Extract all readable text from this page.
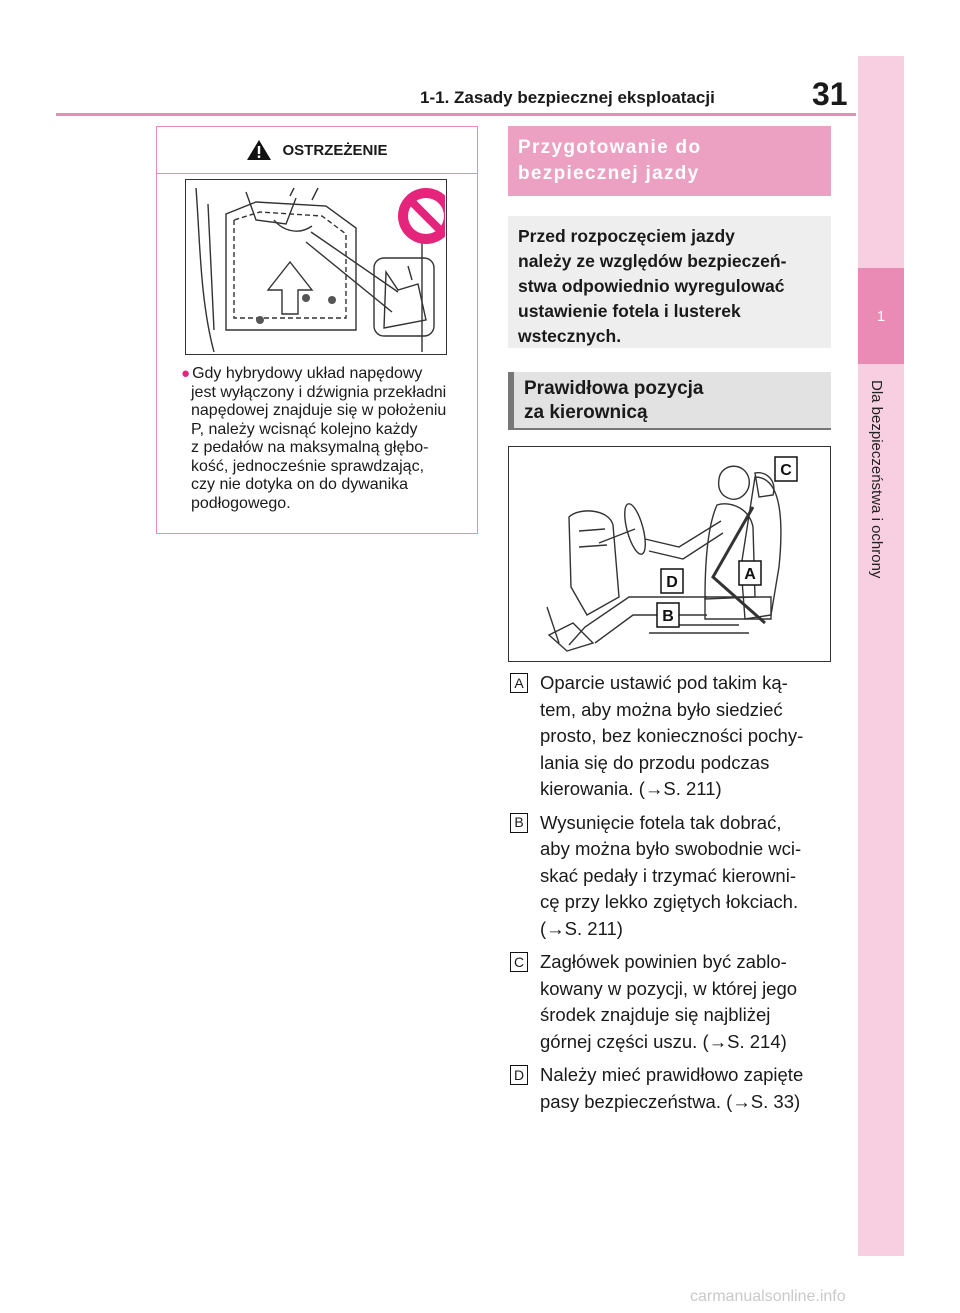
1-1. Zasady bezpiecznej eksploatacji	31
1
Dla bezpieczeństwa i ochrony
OSTRZEŻENIE
● Gdy hybrydowy układ napędowy
jest wyłączony i dźwignia przekładni
napędowej znajduje się w położeniu
P, należy wcisnąć kolejno każdy
z pedałów na maksymalną głębo-
kość, jednocześnie sprawdzając,
czy nie dotyka on do dywanika
podłogowego.
Przygotowanie do
bezpiecznej jazdy
Przed rozpoczęciem jazdy
należy ze względów bezpieczeń-
stwa odpowiednio wyregulować
ustawienie fotela i lusterek
wstecznych.
Prawidłowa pozycja
za kierownicą
C
A
D
B
A Oparcie ustawić pod takim ką-
tem, aby można było siedzieć
prosto, bez konieczności pochy-
lania się do przodu podczas
kierowania. (→S. 211)
B Wysunięcie fotela tak dobrać,
aby można było swobodnie wci-
skać pedały i trzymać kierowni-
cę przy lekko zgiętych łokciach.
(→S. 211)
C Zagłówek powinien być zablo-
kowany w pozycji, w której jego
środek znajduje się najbliżej
górnej części uszu. (→S. 214)
D Należy mieć prawidłowo zapięte
pasy bezpieczeństwa. (→S. 33)
carmanualsonline.info
